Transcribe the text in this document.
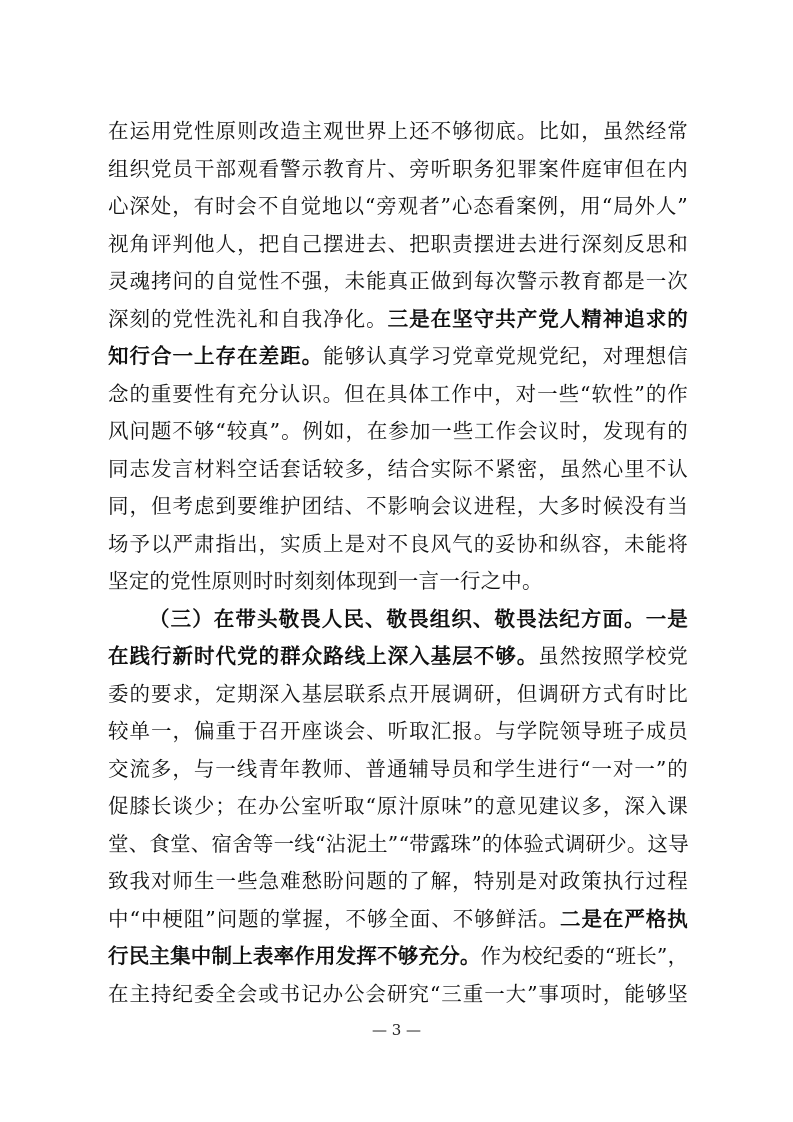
在运用党性原则改造主观世界上还不够彻底。比如，虽然经常
组织党员干部观看警示教育片、旁听职务犯罪案件庭审但在内
心深处，有时会不自觉地以“旁观者”心态看案例，用“局外人”
视角评判他人，把自己摆进去、把职责摆进去进行深刻反思和
灵魂拷问的自觉性不强，未能真正做到每次警示教育都是一次
深刻的党性洗礼和自我净化。三是在坚守共产党人精神追求的
知行合一上存在差距。能够认真学习党章党规党纪，对理想信
念的重要性有充分认识。但在具体工作中，对一些“软性”的作
风问题不够“较真”。例如，在参加一些工作会议时，发现有的
同志发言材料空话套话较多，结合实际不紧密，虽然心里不认
同，但考虑到要维护团结、不影响会议进程，大多时候没有当
场予以严肃指出，实质上是对不良风气的妥协和纵容，未能将
坚定的党性原则时时刻刻体现到一言一行之中。
（三）在带头敬畏人民、敬畏组织、敬畏法纪方面。一是
在践行新时代党的群众路线上深入基层不够。虽然按照学校党
委的要求，定期深入基层联系点开展调研，但调研方式有时比
较单一，偏重于召开座谈会、听取汇报。与学院领导班子成员
交流多，与一线青年教师、普通辅导员和学生进行“一对一”的
促膝长谈少；在办公室听取“原汁原味”的意见建议多，深入课
堂、食堂、宿舍等一线“沾泥土”“带露珠”的体验式调研少。这导
致我对师生一些急难愁盼问题的了解，特别是对政策执行过程
中“中梗阻”问题的掌握，不够全面、不够鲜活。二是在严格执
行民主集中制上表率作用发挥不够充分。作为校纪委的“班长”，
在主持纪委全会或书记办公会研究“三重一大”事项时，能够坚
— 3 —
